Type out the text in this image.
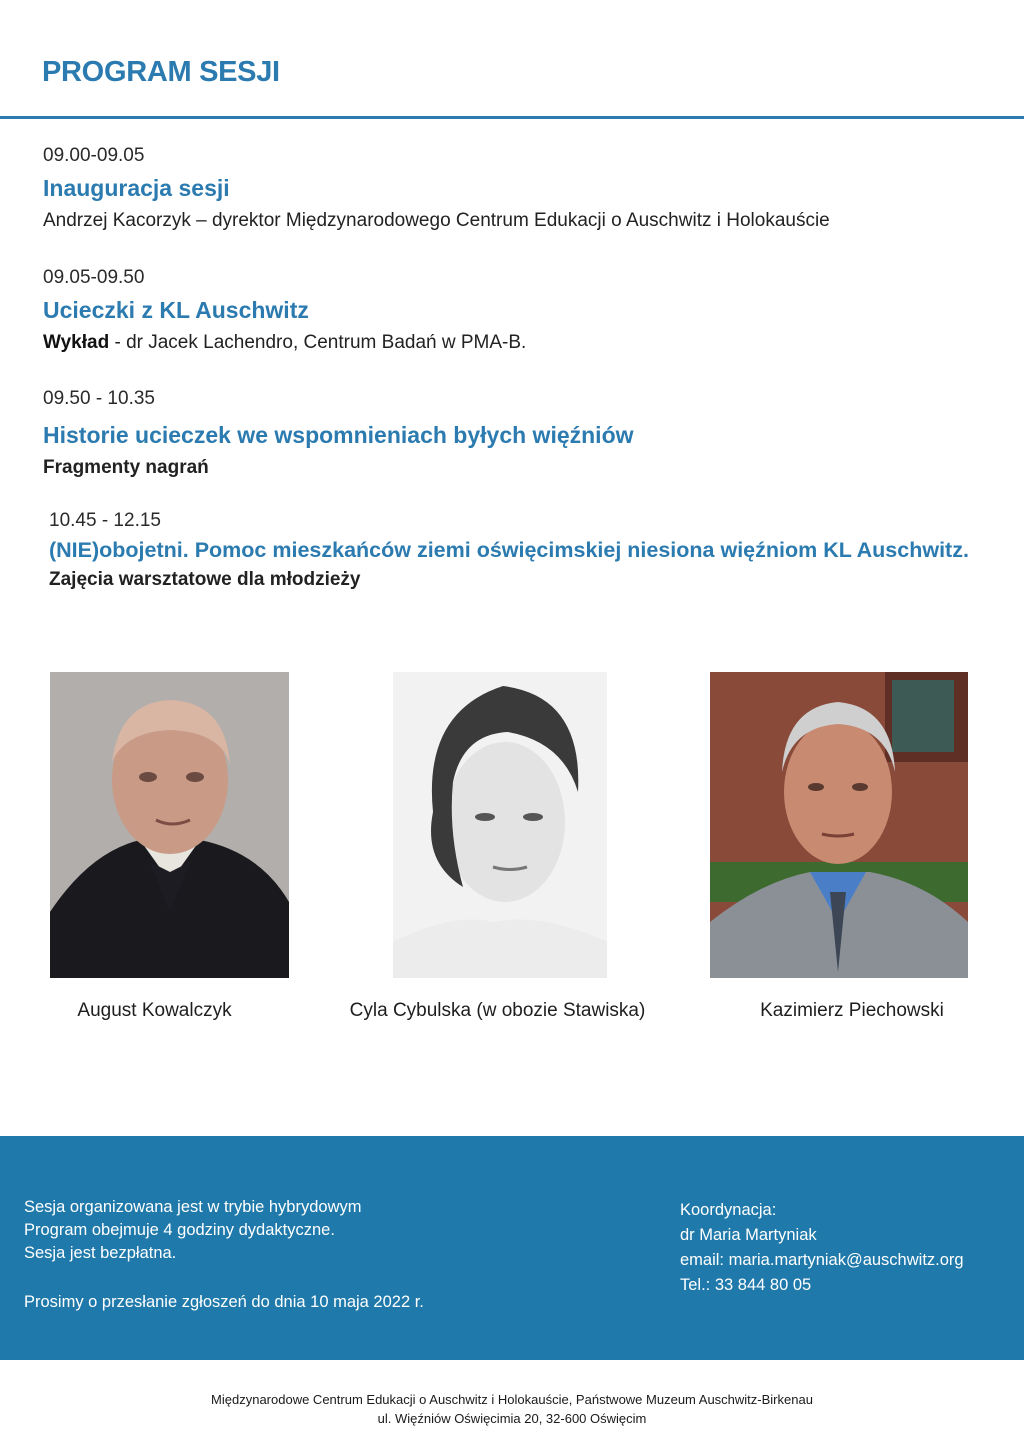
PROGRAM SESJI
09.00-09.05
Inauguracja sesji
Andrzej Kacorzyk – dyrektor Międzynarodowego Centrum Edukacji o Auschwitz i Holokauście
09.05-09.50
Ucieczki z KL Auschwitz
Wykład - dr Jacek Lachendro, Centrum Badań w PMA-B.
09.50 - 10.35
Historie ucieczek we wspomnieniach byłych więźniów
Fragmenty nagrań
10.45 - 12.15
(NIE)obojetni. Pomoc mieszkańców ziemi oświęcimskiej niesiona więźniom KL Auschwitz.
Zajęcia warsztatowe dla młodzieży
August Kowalczyk	Cyla Cybulska (w obozie Stawiska)	Kazimierz Piechowski
Sesja organizowana jest w trybie hybrydowym
Program obejmuje 4 godziny dydaktyczne.
Sesja jest bezpłatna.
Prosimy o przesłanie zgłoszeń do dnia 10 maja 2022 r.
Koordynacja:
dr Maria Martyniak
email: maria.martyniak@auschwitz.org
Tel.: 33 844 80 05
Międzynarodowe Centrum Edukacji o Auschwitz i Holokauście, Państwowe Muzeum Auschwitz-Birkenau
ul. Więźniów Oświęcimia 20, 32-600 Oświęcim
